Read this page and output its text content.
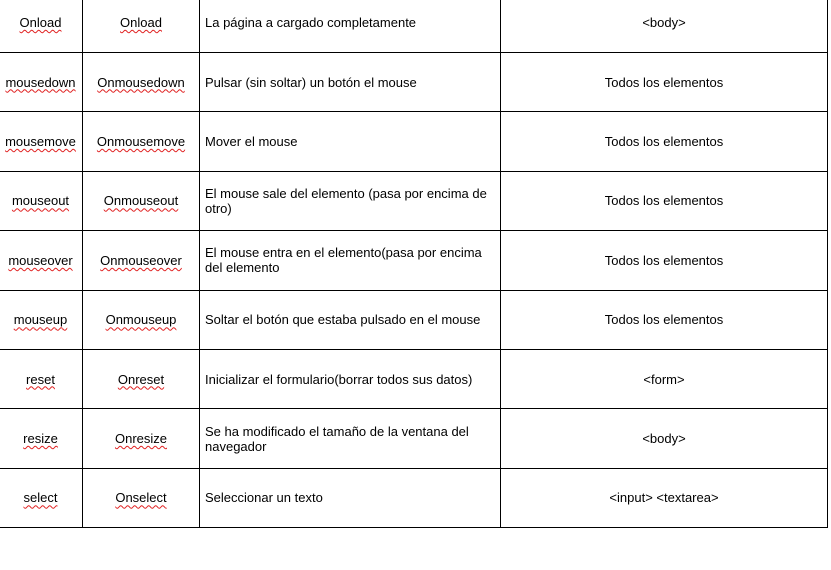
Onload	Onload	La página a cargado completamente	<body>
mousedown	Onmousedown	Pulsar (sin soltar) un botón el mouse	Todos los elementos
mousemove	Onmousemove	Mover el mouse	Todos los elementos
mouseout	Onmouseout	El mouse sale del elemento (pasa por encima de otro)	Todos los elementos
mouseover	Onmouseover	El mouse entra en el elemento(pasa por encima del elemento	Todos los elementos
mouseup	Onmouseup	Soltar el botón que estaba pulsado en el mouse	Todos los elementos
reset	Onreset	Inicializar el formulario(borrar todos sus datos)	<form>
resize	Onresize	Se ha modificado el tamaño de la ventana del navegador	<body>
select	Onselect	Seleccionar un texto	<input> <textarea>
